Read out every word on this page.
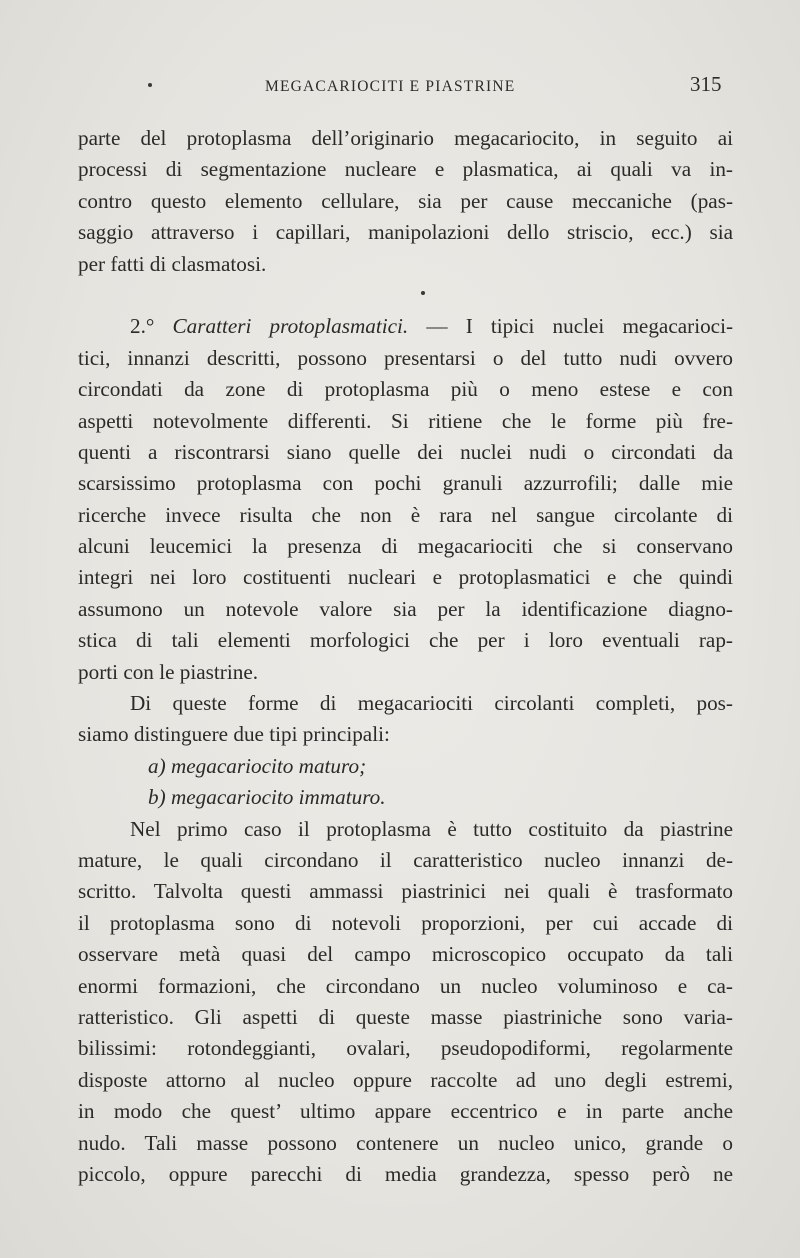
MEGACARIOCITI E PIASTRINE	315
parte del protoplasma dell’originario megacariocito, in seguito ai
processi di segmentazione nucleare e plasmatica, ai quali va in-
contro questo elemento cellulare, sia per cause meccaniche (pas-
saggio attraverso i capillari, manipolazioni dello striscio, ecc.) sia
per fatti di clasmatosi.
2.° Caratteri protoplasmatici. — I tipici nuclei megacarioci-
tici, innanzi descritti, possono presentarsi o del tutto nudi ovvero
circondati da zone di protoplasma più o meno estese e con
aspetti notevolmente differenti. Si ritiene che le forme più fre-
quenti a riscontrarsi siano quelle dei nuclei nudi o circondati da
scarsissimo protoplasma con pochi granuli azzurrofili; dalle mie
ricerche invece risulta che non è rara nel sangue circolante di
alcuni leucemici la presenza di megacariociti che si conservano
integri nei loro costituenti nucleari e protoplasmatici e che quindi
assumono un notevole valore sia per la identificazione diagno-
stica di tali elementi morfologici che per i loro eventuali rap-
porti con le piastrine.
Di queste forme di megacariociti circolanti completi, pos-
siamo distinguere due tipi principali:
a) megacariocito maturo;
b) megacariocito immaturo.
Nel primo caso il protoplasma è tutto costituito da piastrine
mature, le quali circondano il caratteristico nucleo innanzi de-
scritto. Talvolta questi ammassi piastrinici nei quali è trasformato
il protoplasma sono di notevoli proporzioni, per cui accade di
osservare metà quasi del campo microscopico occupato da tali
enormi formazioni, che circondano un nucleo voluminoso e ca-
ratteristico. Gli aspetti di queste masse piastriniche sono varia-
bilissimi: rotondeggianti, ovalari, pseudopodiformi, regolarmente
disposte attorno al nucleo oppure raccolte ad uno degli estremi,
in modo che quest’ ultimo appare eccentrico e in parte anche
nudo. Tali masse possono contenere un nucleo unico, grande o
piccolo, oppure parecchi di media grandezza, spesso però ne
